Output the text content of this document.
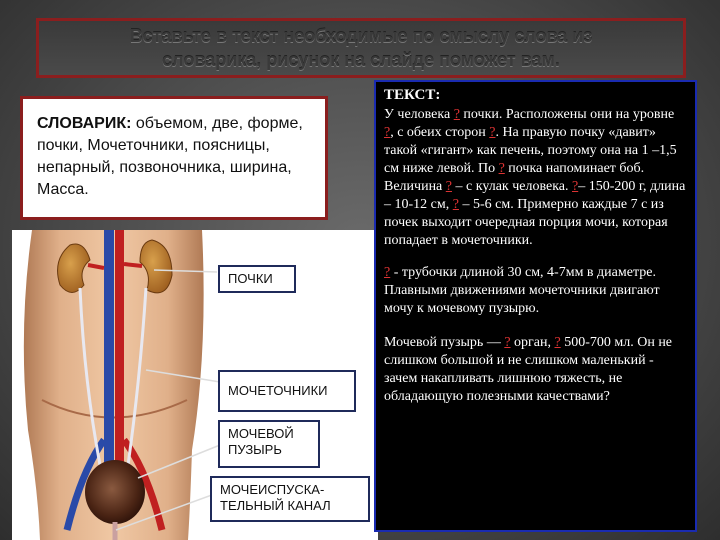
Вставьте в текст необходимые по смыслу слова из
словарика, рисунок на слайде поможет вам.
СЛОВАРИК: объемом, две, форме, почки, Мочеточники, поясницы, непарный, позвоночника, ширина, Масса.
ПОЧКИ
МОЧЕТОЧНИКИ
МОЧЕВОЙ
ПУЗЫРЬ
МОЧЕИСПУСКА-
ТЕЛЬНЫЙ КАНАЛ
ТЕКСТ:

У человека ? почки. Расположены они на уровне ?, с обеих сторон ?. На правую почку «давит» такой «гигант» как печень, поэтому она на 1 –1,5 см ниже левой. По ? почка напоминает боб. Величина ? – с кулак человека. ?– 150-200 г, длина – 10-12 см, ? – 5-6 см. Примерно каждые 7 с из почек выходит очередная порция мочи, которая попадает в мочеточники.

? - трубочки длиной 30 см, 4-7мм в диаметре. Плавными движениями мочеточники двигают мочу к мочевому пузырю.

Мочевой пузырь — ? орган, ? 500-700 мл. Он не слишком большой и не слишком маленький - зачем накапливать лишнюю тяжесть, не обладающую полезными качествами?
